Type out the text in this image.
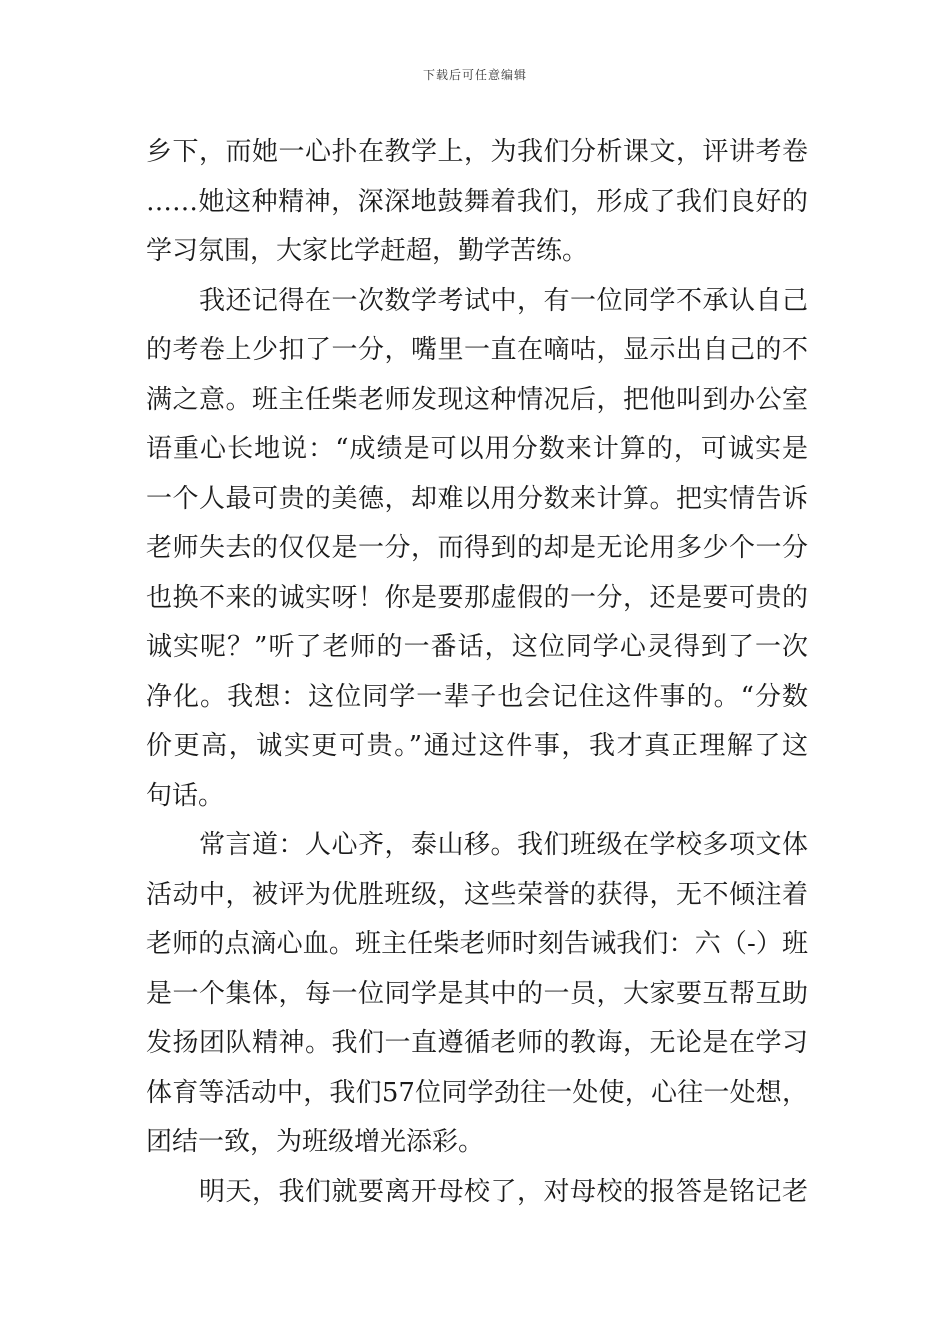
下载后可任意编辑
乡下，而她一心扑在教学上，为我们分析课文，评讲考卷
……她这种精神，深深地鼓舞着我们，形成了我们良好的
学习氛围，大家比学赶超，勤学苦练。
　　我还记得在一次数学考试中，有一位同学不承认自己
的考卷上少扣了一分，嘴里一直在嘀咕，显示出自己的不
满之意。班主任柴老师发现这种情况后，把他叫到办公室
语重心长地说：“成绩是可以用分数来计算的，可诚实是
一个人最可贵的美德，却难以用分数来计算。把实情告诉
老师失去的仅仅是一分，而得到的却是无论用多少个一分
也换不来的诚实呀！你是要那虚假的一分，还是要可贵的
诚实呢？”听了老师的一番话，这位同学心灵得到了一次
净化。我想：这位同学一辈子也会记住这件事的。“分数
价更高，诚实更可贵。”通过这件事，我才真正理解了这
句话。
　　常言道：人心齐，泰山移。我们班级在学校多项文体
活动中，被评为优胜班级，这些荣誉的获得，无不倾注着
老师的点滴心血。班主任柴老师时刻告诫我们：六（-）班
是一个集体，每一位同学是其中的一员，大家要互帮互助
发扬团队精神。我们一直遵循老师的教诲，无论是在学习
体育等活动中，我们57位同学劲往一处使，心往一处想，
团结一致，为班级增光添彩。
　　明天，我们就要离开母校了，对母校的报答是铭记老
